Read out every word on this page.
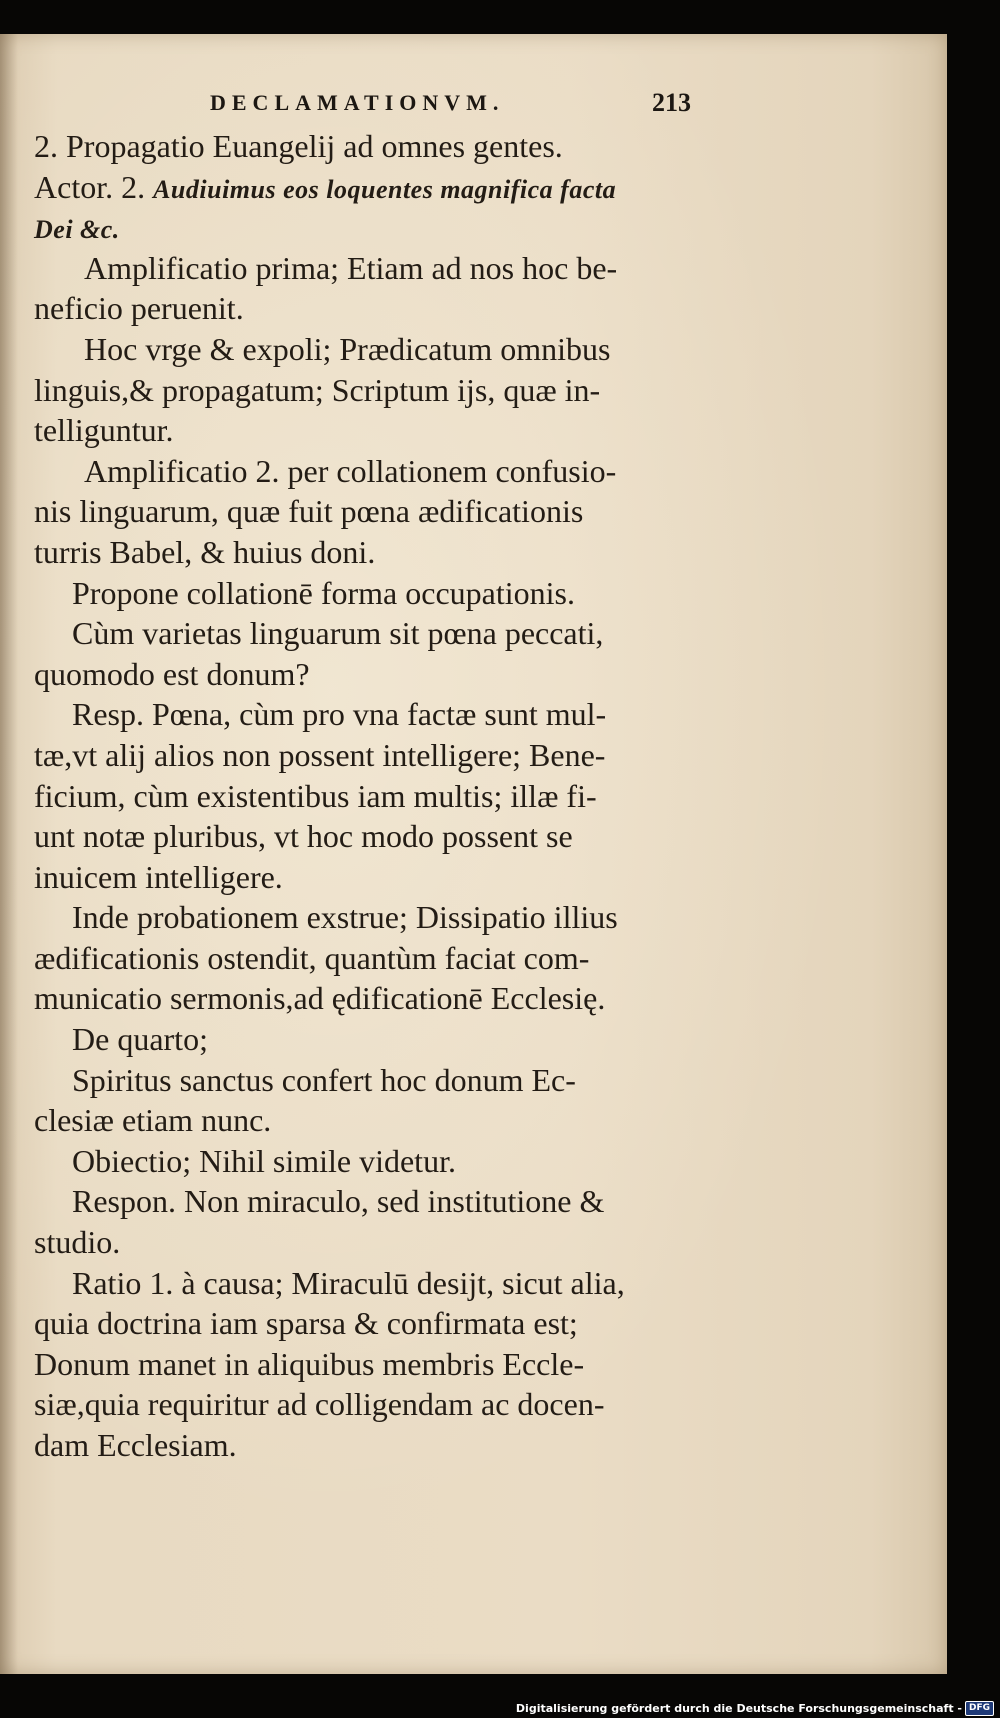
DECLAMATIONVM.	213
2. Propagatio Euangelij ad omnes gentes.
Actor. 2. Audiuimus eos loquentes magnifica facta
Dei &c.
Amplificatio prima; Etiam ad nos hoc be-
neficio peruenit.
Hoc vrge & expoli; Prædicatum omnibus
linguis,& propagatum; Scriptum ijs, quæ in-
telliguntur.
Amplificatio 2. per collationem confusio-
nis linguarum, quæ fuit pœna ædificationis
turris Babel, & huius doni.
Propone collationē forma occupationis.
Cùm varietas linguarum sit pœna peccati,
quomodo est donum?
Resp. Pœna, cùm pro vna factæ sunt mul-
tæ,vt alij alios non possent intelligere; Bene-
ficium, cùm existentibus iam multis; illæ fi-
unt notæ pluribus, vt hoc modo possent se
inuicem intelligere.
Inde probationem exstrue; Dissipatio illius
ædificationis ostendit, quantùm faciat com-
municatio sermonis,ad ędificationē Ecclesię.
De quarto;
Spiritus sanctus confert hoc donum Ec-
clesiæ etiam nunc.
Obiectio; Nihil simile videtur.
Respon. Non miraculo, sed institutione &
studio.
Ratio 1. à causa; Miraculū desijt, sicut alia,
quia doctrina iam sparsa & confirmata est;
Donum manet in aliquibus membris Eccle-
siæ,quia requiritur ad colligendam ac docen-
dam Ecclesiam.
Digitalisierung gefördert durch die Deutsche Forschungsgemeinschaft - DFG
